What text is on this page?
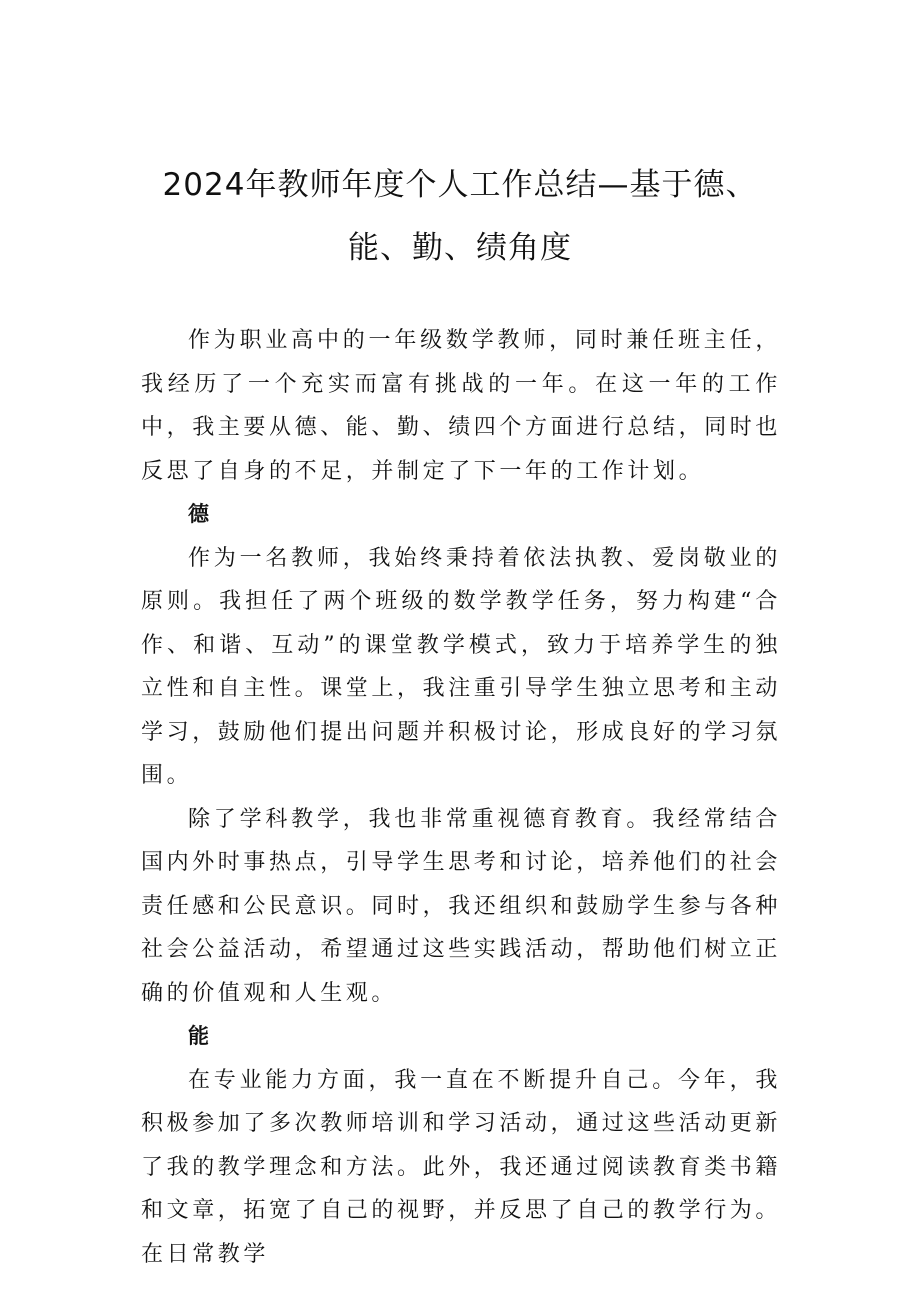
2024年教师年度个人工作总结—基于德、
能、勤、绩角度

作为职业高中的一年级数学教师，同时兼任班主任，我经历了一个充实而富有挑战的一年。在这一年的工作中，我主要从德、能、勤、绩四个方面进行总结，同时也反思了自身的不足，并制定了下一年的工作计划。

德

作为一名教师，我始终秉持着依法执教、爱岗敬业的原则。我担任了两个班级的数学教学任务，努力构建“合作、和谐、互动”的课堂教学模式，致力于培养学生的独立性和自主性。课堂上，我注重引导学生独立思考和主动学习，鼓励他们提出问题并积极讨论，形成良好的学习氛围。

除了学科教学，我也非常重视德育教育。我经常结合国内外时事热点，引导学生思考和讨论，培养他们的社会责任感和公民意识。同时，我还组织和鼓励学生参与各种社会公益活动，希望通过这些实践活动，帮助他们树立正确的价值观和人生观。

能

在专业能力方面，我一直在不断提升自己。今年，我积极参加了多次教师培训和学习活动，通过这些活动更新了我的教学理念和方法。此外，我还通过阅读教育类书籍和文章，拓宽了自己的视野，并反思了自己的教学行为。在日常教学
